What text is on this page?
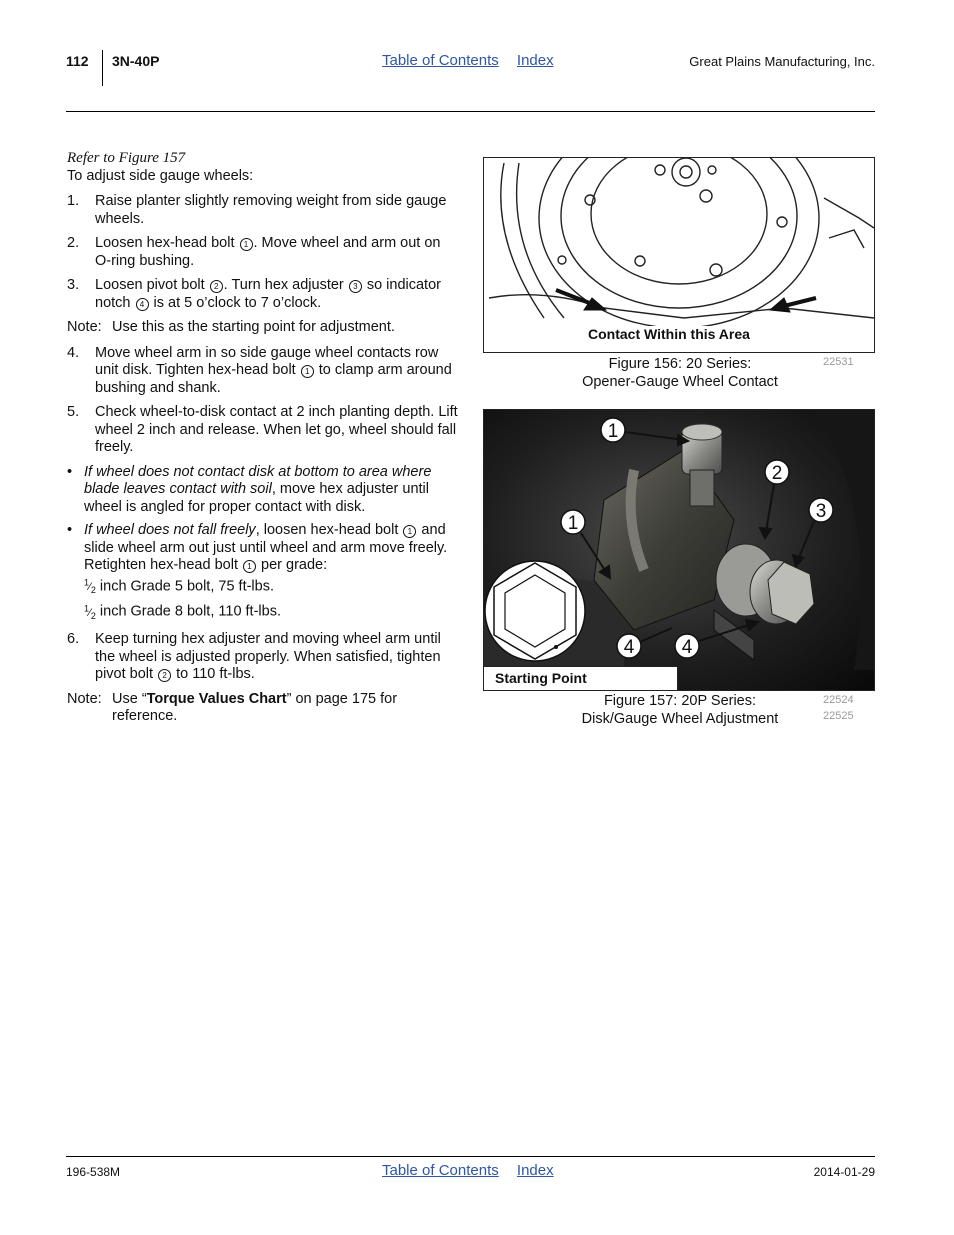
112 3N-40P	Table of Contents Index	Great Plains Manufacturing, Inc.
Refer to Figure 157

To adjust side gauge wheels:

1.	Raise planter slightly removing weight from side gauge wheels.
2.	Loosen hex-head bolt 1 . Move wheel and arm out on O-ring bushing.
3.	Loosen pivot bolt 2 . Turn hex adjuster 3 so indicator notch 4 is at 5 o’clock to 7 o’clock.
Note: Use this as the starting point for adjustment.
4.	Move wheel arm in so side gauge wheel contacts row unit disk. Tighten hex-head bolt 1 to clamp arm around bushing and shank.
5.	Check wheel-to-disk contact at 2 inch planting depth. Lift wheel 2 inch and release. When let go, wheel should fall freely.
• If wheel does not contact disk at bottom to area where blade leaves contact with soil, move hex adjuster until wheel is angled for proper contact with disk.
• If wheel does not fall freely, loosen hex-head bolt 1 and slide wheel arm out just until wheel and arm move freely. Retighten hex-head bolt 1 per grade:
$^1⁄_2$ inch Grade 5 bolt, 75 ft-lbs.
$^1⁄_2$ inch Grade 8 bolt, 110 ft-lbs.
6.	Keep turning hex adjuster and moving wheel arm until the wheel is adjusted properly. When satisfied, tighten pivot bolt 2 to 110 ft-lbs.
Note: Use “Torque Values Chart” on page 175 for reference.
Contact Within this Area
Figure 156: 20 Series:
Opener-Gauge Wheel Contact
22531
1
2
3
1
4 4
Starting Point
Figure 157: 20P Series:
Disk/Gauge Wheel Adjustment
22524
22525
196-538M	Table of Contents Index	2014-01-29
